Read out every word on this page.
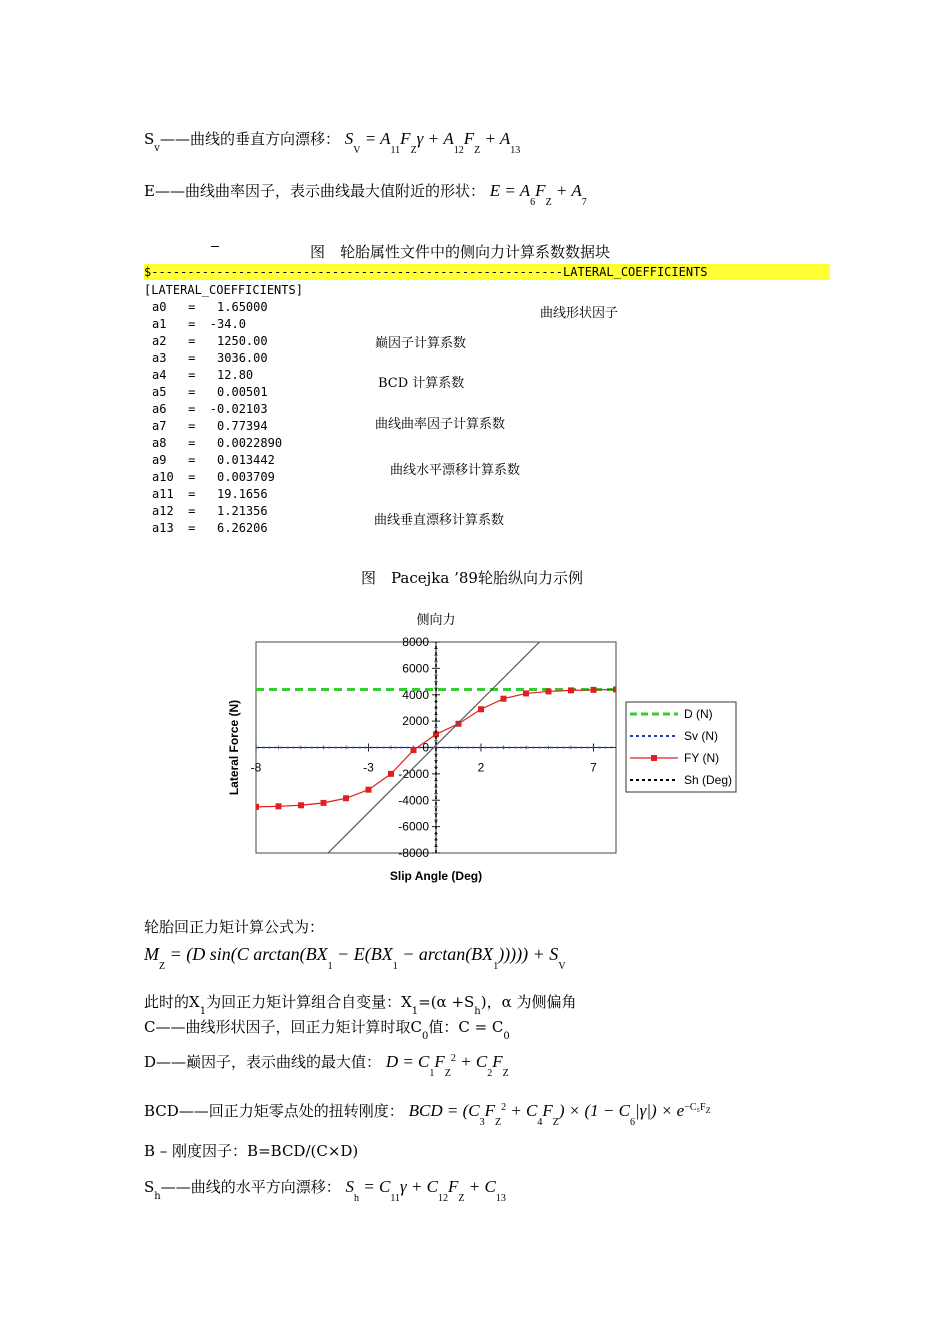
$S_v——$曲线的垂直方向漂移： $S_V = A_{11}F_Z\gamma + A_{12}F_Z + A_{13}$
E——曲线曲率因子，表示曲线最大值附近的形状： $E = A_6F_Z + A_7$
图　轮胎属性文件中的侧向力计算系数数据块
$---------------------------------------------------------LATERAL_COEFFICIENTS
[LATERAL_COEFFICIENTS]
a0   =   1.65000
a1   =  -34.0
a2   =   1250.00
a3   =   3036.00
a4   =   12.80
a5   =   0.00501
a6   =  -0.02103
a7   =   0.77394
a8   =   0.0022890
a9   =   0.013442
a10  =   0.003709
a11  =   19.1656
a12  =   1.21356
a13  =   6.26206
曲线形状因子
巅因子计算系数
BCD 计算系数
曲线曲率因子计算系数
曲线水平漂移计算系数
曲线垂直漂移计算系数
图　Pacejka ’89轮胎纵向力示例
侧向力
8000
6000
4000
2000
0
-2000
-4000
-6000
-8000
-8	-3	2	7
Slip Angle (Deg)
Lateral Force (N)	D (N)
Sv (N)
FY (N)
Sh (Deg)
轮胎回正力矩计算公式为：
$M_Z = (D$ sin(C $\arctan(BX_1 - E(BX_1 - \arctan(BX_1))))) + S_V$
此时的$X_1$为回正力矩计算组合自变量：$X_1=(\alpha +S_h)$，α 为侧偏角
C——曲线形状因子，回正力矩计算时取$C_0$值：$C = C_0$
D——巅因子，表示曲线的最大值： $D = C_1F_Z^2 + C_2F_Z$
BCD——回正力矩零点处的扭转刚度： BCD = $(C_3F_Z^2 + C_4F_Z) \times (1 - C_6|\gamma|) \times e^{-C_5F_Z}$
B – 刚度因子：B=BCD/(C×D)
$S_h——$曲线的水平方向漂移： $S_h = C_{11}\gamma + C_{12}F_Z + C_{13}$
